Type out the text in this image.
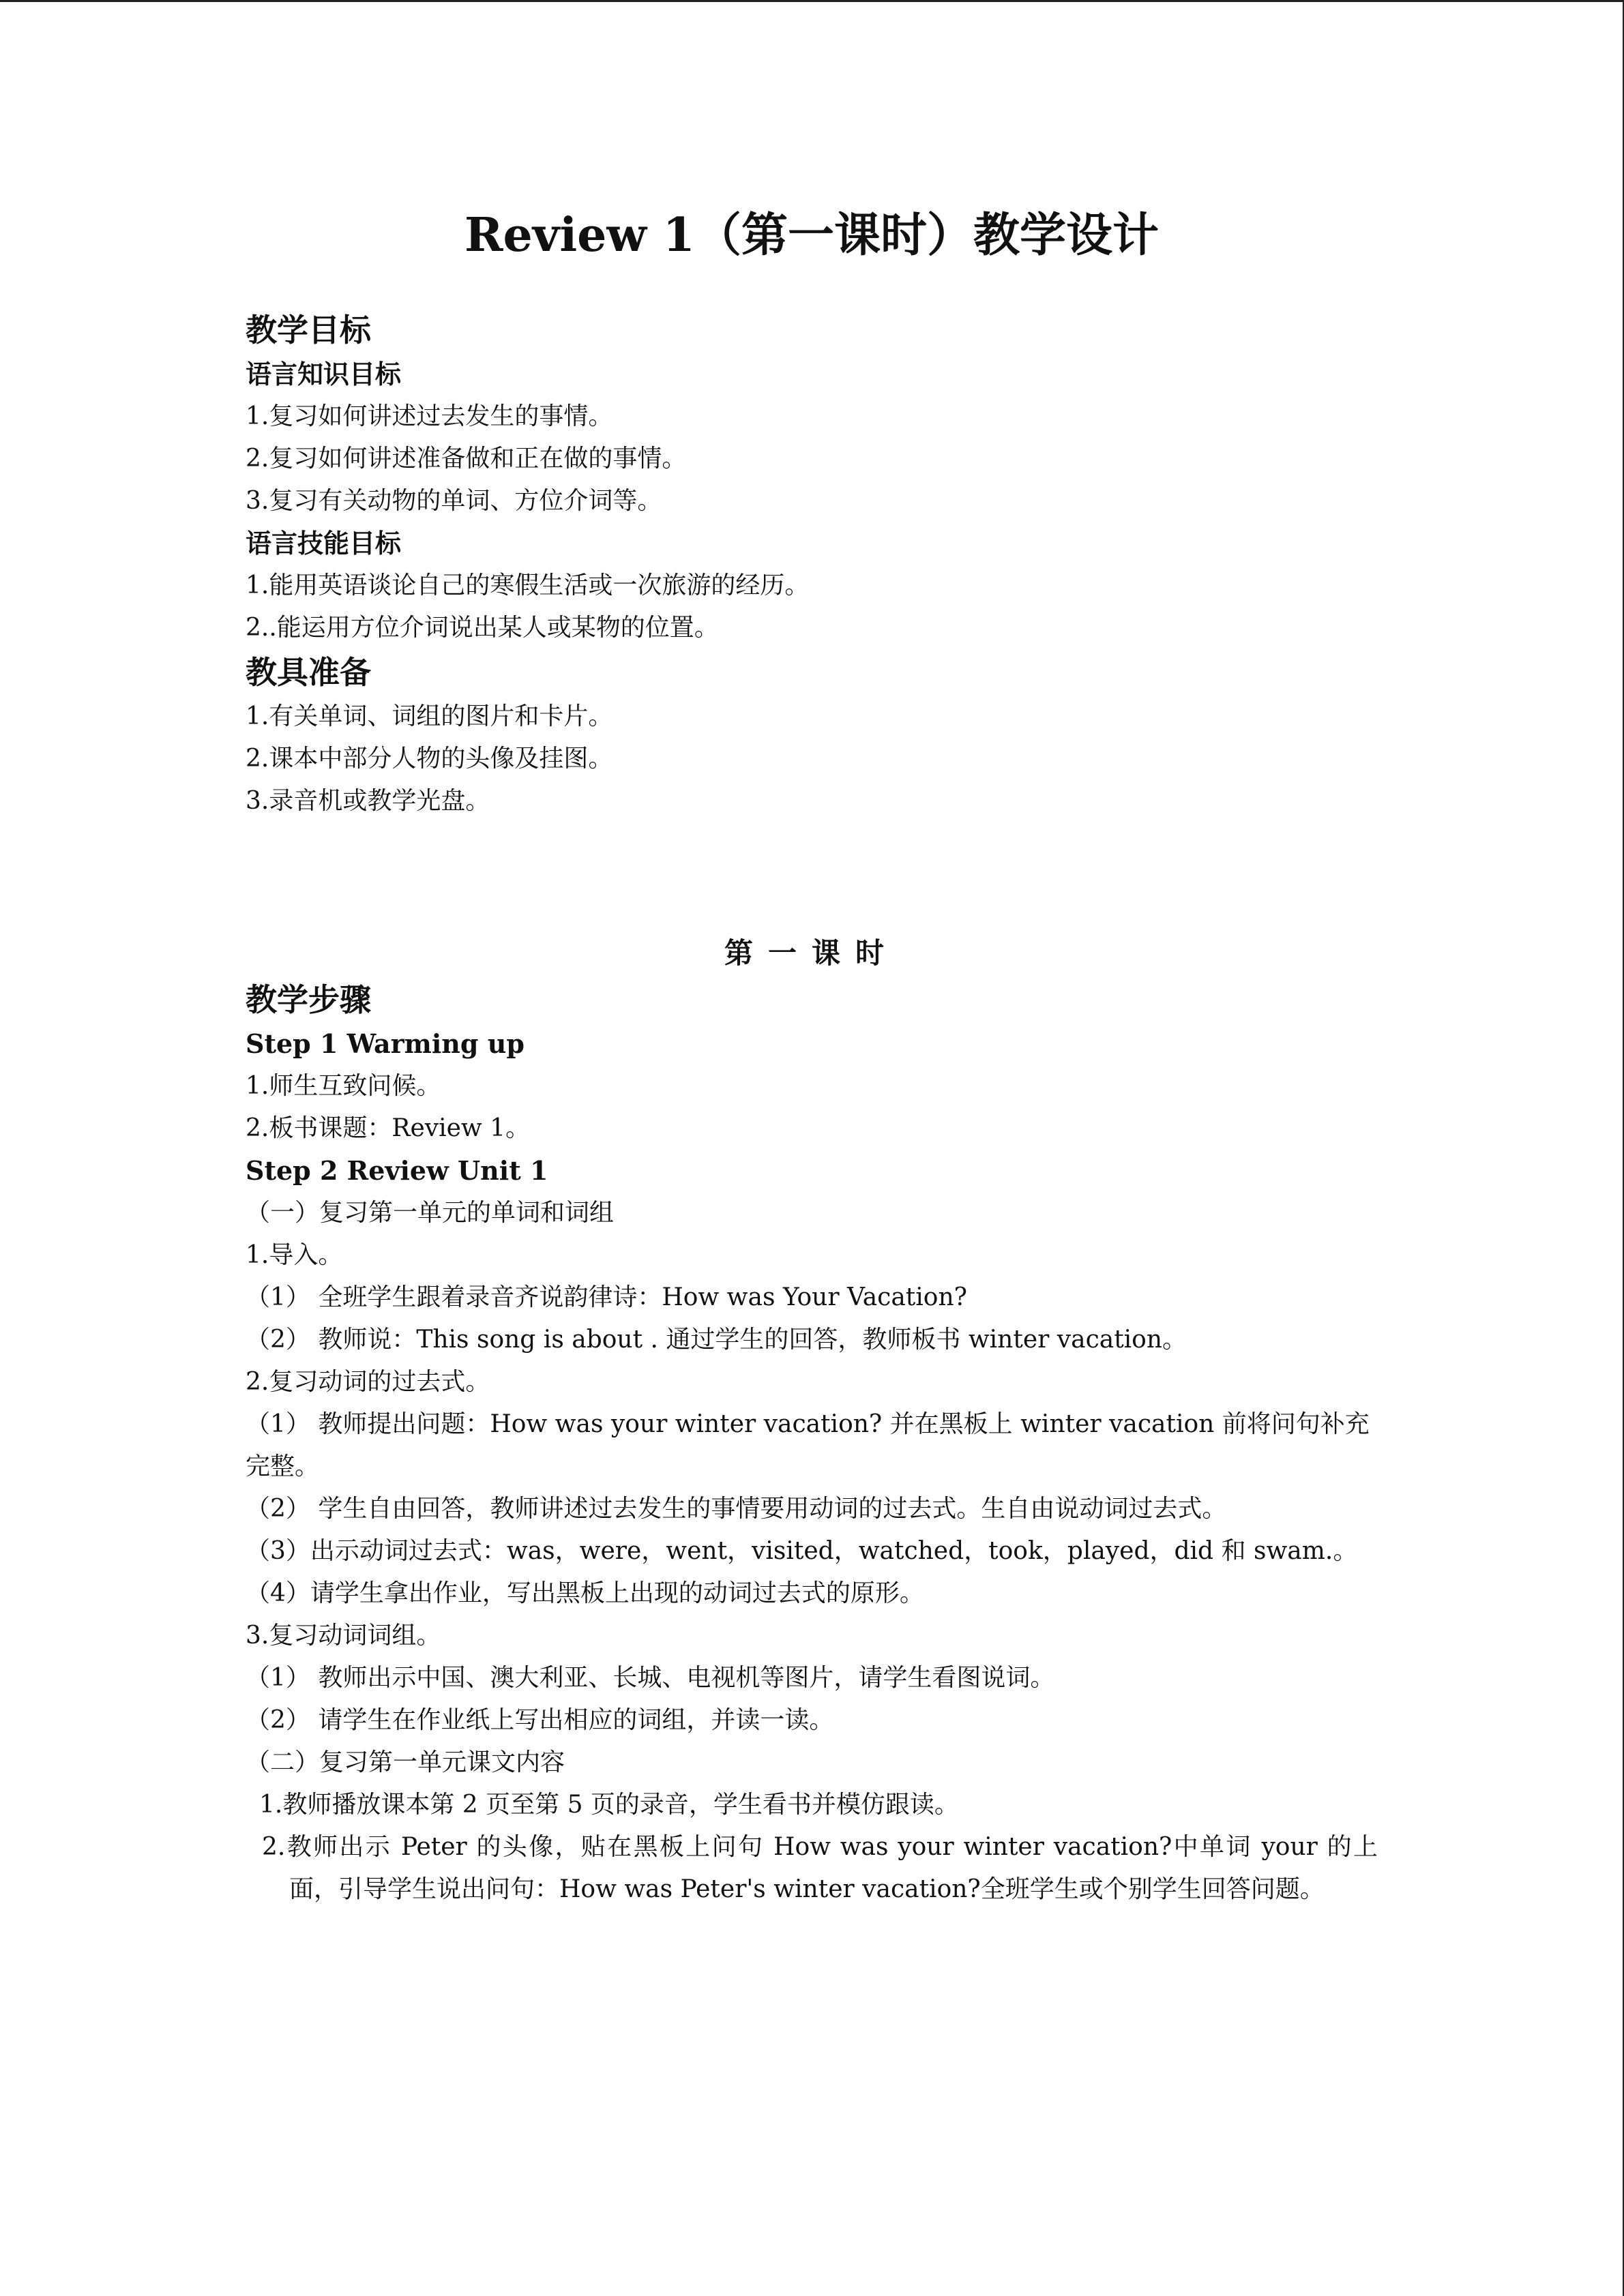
Review 1（第一课时）教学设计
教学目标
语言知识目标
1.复习如何讲述过去发生的事情。
2.复习如何讲述准备做和正在做的事情。
3.复习有关动物的单词、方位介词等。
语言技能目标
1.能用英语谈论自己的寒假生活或一次旅游的经历。
2..能运用方位介词说出某人或某物的位置。
教具准备
1.有关单词、词组的图片和卡片。
2.课本中部分人物的头像及挂图。
3.录音机或教学光盘。
第一课时
教学步骤
Step 1 Warming up
1.师生互致问候。
2.板书课题：Review 1。
Step 2 Review Unit 1
（一）复习第一单元的单词和词组
1.导入。
（1） 全班学生跟着录音齐说韵律诗：How was Your Vacation?
（2） 教师说：This song is about . 通过学生的回答，教师板书 winter vacation。
2.复习动词的过去式。
（1） 教师提出问题：How was your winter vacation? 并在黑板上 winter vacation 前将问句补充完整。
（2） 学生自由回答，教师讲述过去发生的事情要用动词的过去式。生自由说动词过去式。
（3）出示动词过去式：was，were，went，visited，watched，took，played，did 和 swam.。
（4）请学生拿出作业，写出黑板上出现的动词过去式的原形。
3.复习动词词组。
（1） 教师出示中国、澳大利亚、长城、电视机等图片，请学生看图说词。
（2） 请学生在作业纸上写出相应的词组，并读一读。
（二）复习第一单元课文内容
1.教师播放课本第 2 页至第 5 页的录音，学生看书并模仿跟读。
2.教师出示 Peter 的头像，贴在黑板上问句 How was your winter vacation?中单词 your 的上面，引导学生说出问句：How was Peter's winter vacation?全班学生或个别学生回答问题。
